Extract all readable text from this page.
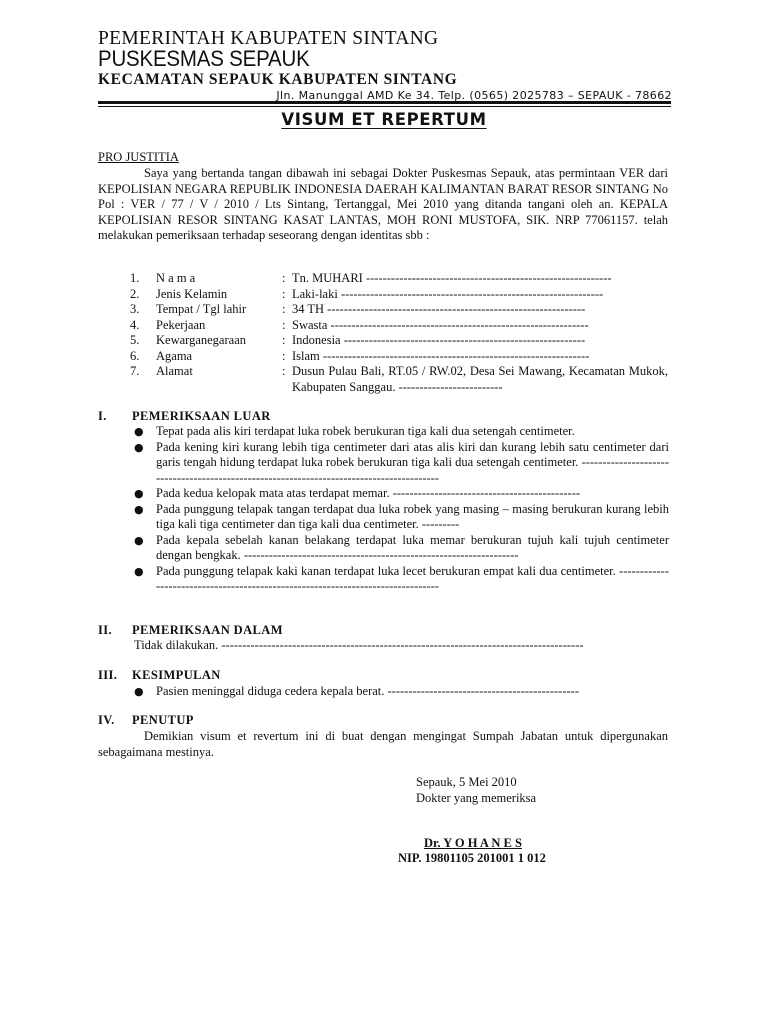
PEMERINTAH KABUPATEN SINTANG
PUSKESMAS SEPAUK
KECAMATAN SEPAUK KABUPATEN SINTANG
Jln. Manunggal AMD Ke 34. Telp. (0565) 2025783 – SEPAUK - 78662
VISUM ET REPERTUM
PRO JUSTITIA
Saya yang bertanda tangan dibawah ini sebagai Dokter Puskesmas Sepauk, atas permintaan VER dari KEPOLISIAN NEGARA REPUBLIK INDONESIA DAERAH KALIMANTAN BARAT RESOR SINTANG No Pol : VER / 77 / V / 2010 / Lts Sintang, Tertanggal, Mei 2010 yang ditanda tangani oleh an. KEPALA KEPOLISIAN RESOR SINTANG KASAT LANTAS, MOH RONI MUSTOFA, SIK. NRP 77061157. telah melakukan pemeriksaan terhadap seseorang dengan identitas sbb :
1. N a m a	: Tn. MUHARI -----------------------------------------------------------
2. Jenis Kelamin	: Laki-laki ---------------------------------------------------------------
3. Tempat / Tgl lahir	: 34 TH --------------------------------------------------------------
4. Pekerjaan	: Swasta --------------------------------------------------------------
5. Kewarganegaraan	: Indonesia ----------------------------------------------------------
6. Agama	: Islam ----------------------------------------------------------------
7. Alamat	: Dusun Pulau Bali, RT.05 / RW.02, Desa Sei Mawang, Kecamatan Mukok, Kabupaten Sanggau. -------------------------
I. PEMERIKSAAN LUAR
● Tepat pada alis kiri terdapat luka robek berukuran tiga kali dua setengah centimeter.
● Pada kening kiri kurang lebih tiga centimeter dari atas alis kiri dan kurang lebih satu centimeter dari garis tengah hidung terdapat luka robek berukuran tiga kali dua setengah centimeter. -----------------------------------------------------------------------------------------
● Pada kedua kelopak mata atas terdapat memar. ---------------------------------------------
● Pada punggung telapak tangan terdapat dua luka robek yang masing – masing berukuran kurang lebih tiga kali tiga centimeter dan tiga kali dua centimeter. ---------
● Pada kepala sebelah kanan belakang terdapat luka memar berukuran tujuh kali tujuh centimeter dengan bengkak. ------------------------------------------------------------------
● Pada punggung telapak kaki kanan terdapat luka lecet berukuran empat kali dua centimeter. --------------------------------------------------------------------------------
II. PEMERIKSAAN DALAM
Tidak dilakukan. ---------------------------------------------------------------------------------------
III. KESIMPULAN
● Pasien meninggal diduga cedera kepala berat. ----------------------------------------------
IV. PENUTUP
Demikian visum et revertum ini di buat dengan mengingat Sumpah Jabatan untuk dipergunakan sebagaimana mestinya.
Sepauk, 5 Mei 2010
Dokter yang memeriksa
Dr. Y O H A N E S
NIP. 19801105 201001 1 012
